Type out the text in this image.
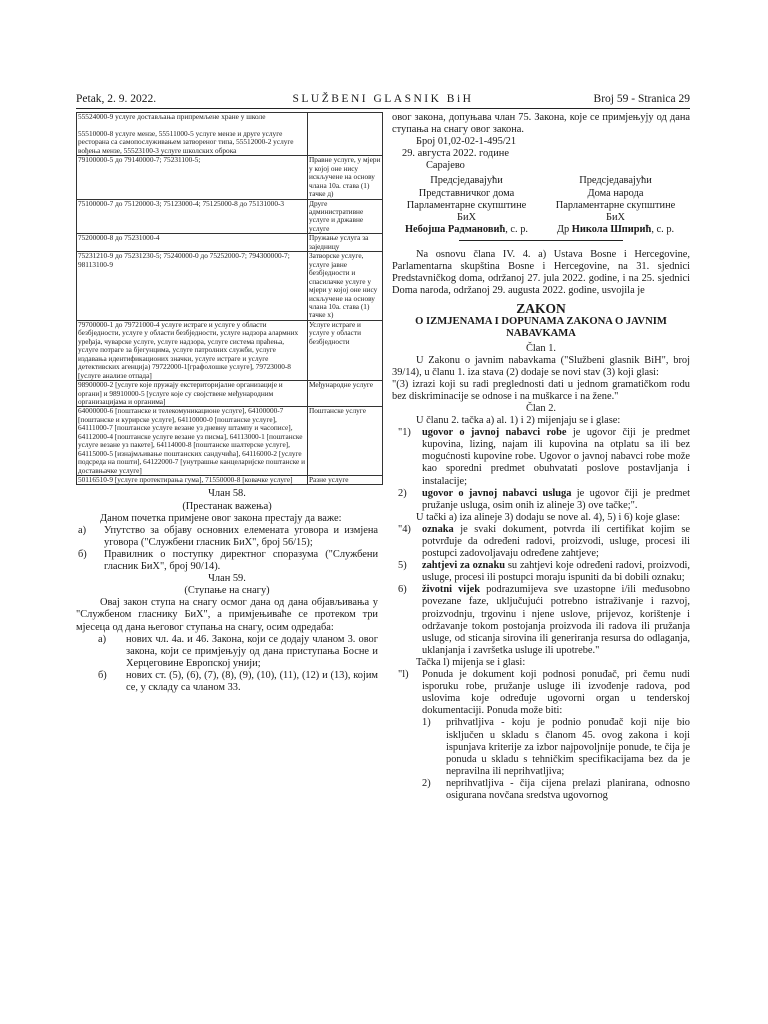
Petak, 2. 9. 2022.	SLUŽBENI GLASNIK BiH	Broj 59 - Stranica 29
55524000-9 услуге достављања припремљене хране у школе

55510000-8 услуге мензе, 55511000-5 услуге мензе и друге услуге ресторана са самопослуживањем затвореног типа, 55512000-2 услуге вођења мензе, 55523100-3 услуге школских оброка	
79100000-5 до 79140000-7; 75231100-5;	Правне услуге, у мјери у којој оне нису искључене на основу члана 10а. става (1) тачке д)
75100000-7 до 75120000-3; 75123000-4; 75125000-8 до 75131000-3	Друге административне услуге и државне услуге
75200000-8 до 75231000-4	Пружање услуга за заједницу
75231210-9 до 75231230-5; 75240000-0 до 75252000-7; 794300000-7; 98113100-9	Затворске услуге, услуге јавне безбједности и спасилачке услуге у мјери у којој оне нису искључене на основу члана 10а. става (1) тачке х)
79700000-1 до 79721000-4 услуге истраге и услуге у области безбједности, услуге у области безбједности, услуге надзора алармних уређаја, чуварске услуге, услуге надзора, услуге система праћења, услуге потраге за бјегунцима, услуге патролних служби, услуге издавања идентификационих значки, услуге истраге и услуге детективских агенција) 79722000-1[графолошке услуге], 79723000-8 [услуге анализе отпада]	Услуге истраге и услуге у области безбједности
98900000-2 [услуге које пружају екстериторијалне организације и органи] и 98910000-5 [услуге које су својствене међународним организацијама и органима]	Међународне услуге
64000000-6 [поштанске и телекомуникационе услуге], 64100000-7 [поштанске и курирске услуге], 64110000-0 [поштанске услуге], 64111000-7 [поштанске услуге везане уз дневну штампу и часописе], 64112000-4 [поштанске услуге везане уз писма], 64113000-1 [поштанске услуге везане уз пакете], 64114000-8 [поштанске шалтерске услуге], 64115000-5 [изнајмљивање поштанских сандучића], 64116000-2 [услуге подсреда на пошти], 64122000-7 [унутрашње канцеларијске поштанске и доставњачке услуге]	Поштанске услуге
50116510-9 [услуге протектирања гума], 71550000-8 [ковачке услуге]	Разне услуге

Члан 58.

(Престанак важења)

Даном почетка примјене овог закона престају да важе:

а)	Упутство за објаву основних елемената уговора и измјена уговора ("Службени гласник БиХ", број 56/15);
б)	Правилник о поступку директног споразума ("Службени гласник БиХ", број 90/14).

Члан 59.

(Ступање на снагу)

Овај закон ступа на снагу осмог дана од дана објављивања у "Службеном гласнику БиХ", а примјењиваће се протеком три мјесеца од дана његовог ступања на снагу, осим одредаба:

а)	нових чл. 4а. и 46. Закона, који се додају чланом 3. овог закона, који се примјењују од дана приступања Босне и Херцеговине Европској унији;
б)	нових ст. (5), (6), (7), (8), (9), (10), (11), (12) и (13), којим се, у складу са чланом 33.

овог закона, допуњава члан 75. Закона, које се примјењују од дана ступања на снагу овог закона.

Број 01,02-02-1-495/21

29. августа 2022. године

Сарајево

Предсједавајући

Представничког дома

Парламентарне скупштине

БиХ

Небојша Радмановић, с. р.

Предсједавајући

Дома народа

Парламентарне скупштине

БиХ

Др Никола Шпирић, с. р.

Na osnovu člana IV. 4. a) Ustava Bosne i Hercegovine, Parlamentarna skupština Bosne i Hercegovine, na 31. sjednici Predstavničkog doma, održanoj 27. jula 2022. godine, i na 25. sjednici Doma naroda, održanoj 29. augusta 2022. godine, usvojila je

ZAKON

O IZMJENAMA I DOPUNAMA ZAKONA O JAVNIM NABAVKAMA

Član 1.

U Zakonu o javnim nabavkama ("Službeni glasnik BiH", broj 39/14), u članu 1. iza stava (2) dodaje se novi stav (3) koji glasi:

"(3) izrazi koji su radi preglednosti dati u jednom gramatičkom rodu bez diskriminacije se odnose i na muškarce i na žene."

Član 2.

U članu 2. tačka a) al. 1) i 2) mijenjaju se i glase:

"1)	ugovor o javnoj nabavci robe je ugovor čiji je predmet kupovina, lizing, najam ili kupovina na otplatu sa ili bez mogućnosti kupovine robe. Ugovor o javnoj nabavci robe može kao sporedni predmet obuhvatati poslove postavljanja i instalacije;
2)	ugovor o javnoj nabavci usluga je ugovor čiji je predmet pružanje usluga, osim onih iz alineje 3) ove tačke;".

U tački a) iza alineje 3) dodaju se nove al. 4), 5) i 6) koje glase:

"4)	oznaka je svaki dokument, potvrda ili certifikat kojim se potvrđuje da određeni radovi, proizvodi, usluge, procesi ili postupci zadovoljavaju određene zahtjeve;
5)	zahtjevi za oznaku su zahtjevi koje određeni radovi, proizvodi, usluge, procesi ili postupci moraju ispuniti da bi dobili oznaku;
6)	životni vijek podrazumijeva sve uzastopne i/ili međusobno povezane faze, uključujući potrebno istraživanje i razvoj, proizvodnju, trgovinu i njene uslove, prijevoz, korištenje i održavanje tokom postojanja proizvoda ili radova ili pružanja usluge, od sticanja sirovina ili generiranja resursa do odlaganja, uklanjanja i završetka usluge ili upotrebe."

Tačka l) mijenja se i glasi:

"l)	Ponuda je dokument koji podnosi ponuđač, pri čemu nudi isporuku robe, pružanje usluge ili izvođenje radova, pod uslovima koje određuje ugovorni organ u tenderskoj dokumentaciji. Ponuda može biti:
1)	prihvatljiva - koju je podnio ponuđač koji nije bio isključen u skladu s članom 45. ovog zakona i koji ispunjava kriterije za izbor najpovoljnije ponude, te čija je ponuda u skladu s tehničkim specifikacijama bez da je nepravilna ili neprihvatljiva;
2)	neprihvatljiva - čija cijena prelazi planirana, odnosno osigurana novčana sredstva ugovornog
